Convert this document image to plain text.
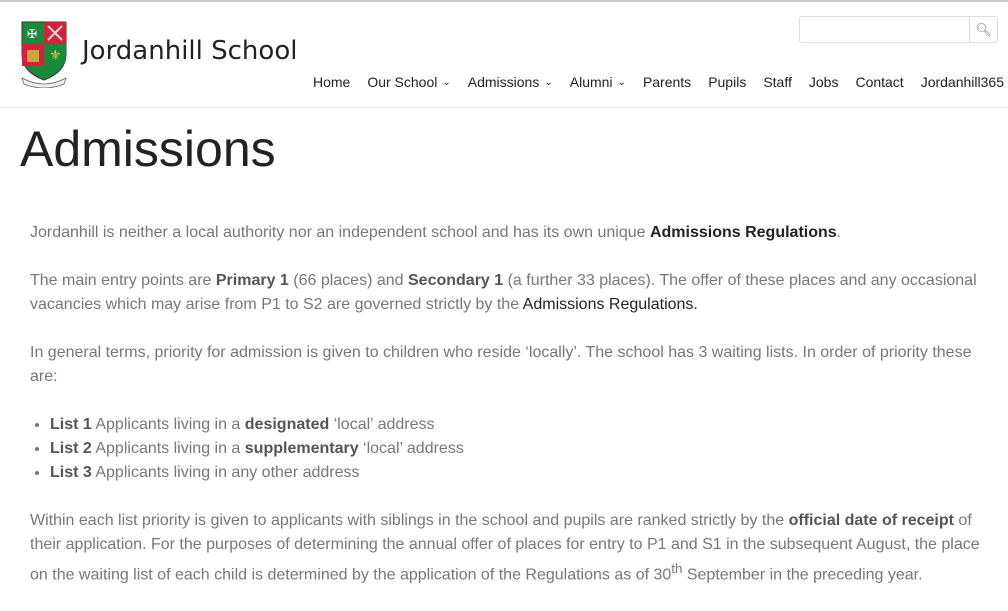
✠
⚜ Jordanhill School
🔍︎
Home Our School ⌄ Admissions ⌄ Alumni ⌄ Parents Pupils Staff Jobs Contact Jordanhill365
Admissions

Jordanhill is neither a local authority nor an independent school and has its own unique Admissions Regulations.

The main entry points are Primary 1 (66 places) and Secondary 1 (a further 33 places). The offer of these places and any occasional vacancies which may arise from P1 to S2 are governed strictly by the Admissions Regulations.

In general terms, priority for admission is given to children who reside ‘locally’. The school has 3 waiting lists. In order of priority these are:

• List 1 Applicants living in a designated ‘local’ address
• List 2 Applicants living in a supplementary ‘local’ address
• List 3 Applicants living in any other address

Within each list priority is given to applicants with siblings in the school and pupils are ranked strictly by the official date of receipt of their application. For the purposes of determining the annual offer of places for entry to P1 and S1 in the subsequent August, the place on the waiting list of each child is determined by the application of the Regulations as of 30th September in the preceding year.
